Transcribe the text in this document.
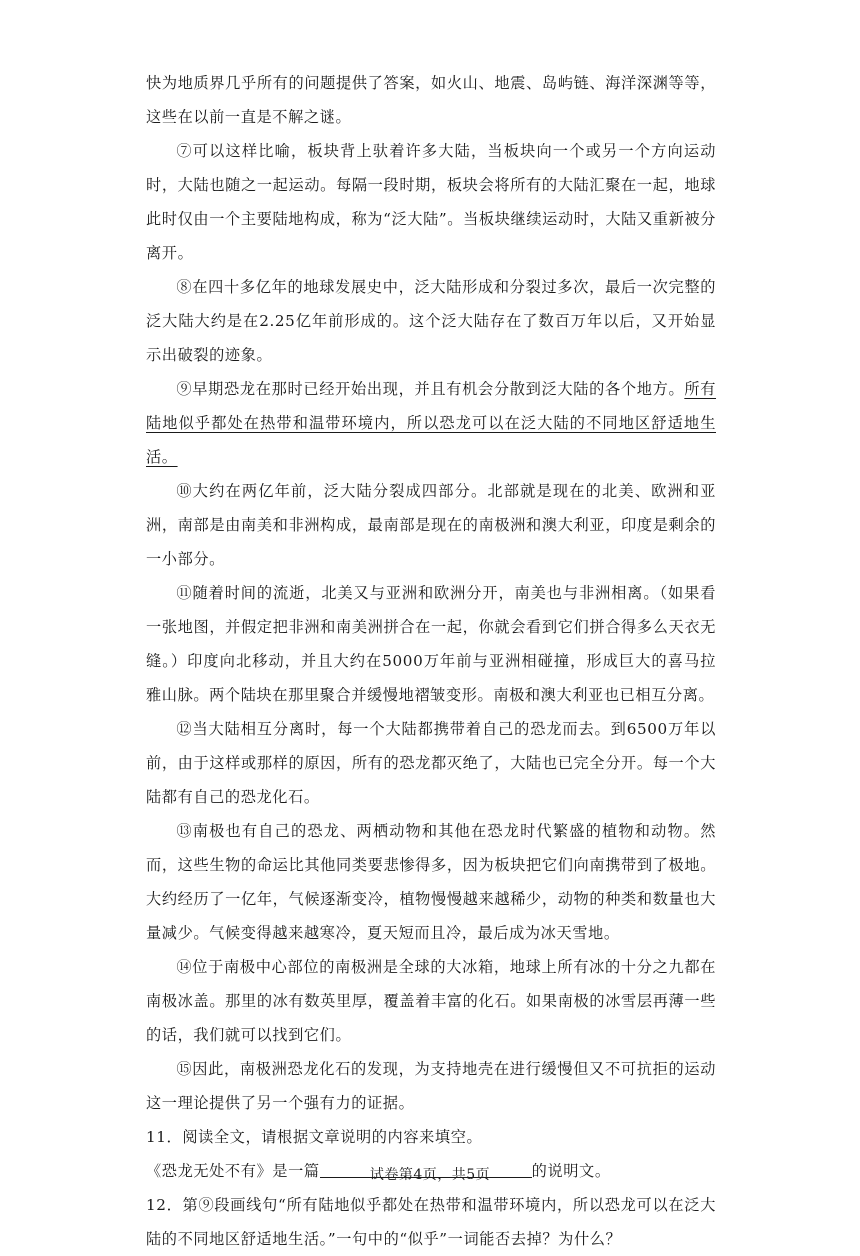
快为地质界几乎所有的问题提供了答案，如火山、地震、岛屿链、海洋深渊等等，这些在以前一直是不解之谜。

⑦可以这样比喻，板块背上驮着许多大陆，当板块向一个或另一个方向运动时，大陆也随之一起运动。每隔一段时期，板块会将所有的大陆汇聚在一起，地球此时仅由一个主要陆地构成，称为“泛大陆”。当板块继续运动时，大陆又重新被分离开。

⑧在四十多亿年的地球发展史中，泛大陆形成和分裂过多次，最后一次完整的泛大陆大约是在2.25亿年前形成的。这个泛大陆存在了数百万年以后，又开始显示出破裂的迹象。

⑨早期恐龙在那时已经开始出现，并且有机会分散到泛大陆的各个地方。所有陆地似乎都处在热带和温带环境内，所以恐龙可以在泛大陆的不同地区舒适地生活。

⑩大约在两亿年前，泛大陆分裂成四部分。北部就是现在的北美、欧洲和亚洲，南部是由南美和非洲构成，最南部是现在的南极洲和澳大利亚，印度是剩余的一小部分。

⑪随着时间的流逝，北美又与亚洲和欧洲分开，南美也与非洲相离。（如果看一张地图，并假定把非洲和南美洲拼合在一起，你就会看到它们拼合得多么天衣无缝。）印度向北移动，并且大约在5000万年前与亚洲相碰撞，形成巨大的喜马拉雅山脉。两个陆块在那里聚合并缓慢地褶皱变形。南极和澳大利亚也已相互分离。

⑫当大陆相互分离时，每一个大陆都携带着自己的恐龙而去。到6500万年以前，由于这样或那样的原因，所有的恐龙都灭绝了，大陆也已完全分开。每一个大陆都有自己的恐龙化石。

⑬南极也有自己的恐龙、两栖动物和其他在恐龙时代繁盛的植物和动物。然而，这些生物的命运比其他同类要悲惨得多，因为板块把它们向南携带到了极地。大约经历了一亿年，气候逐渐变冷，植物慢慢越来越稀少，动物的种类和数量也大量减少。气候变得越来越寒冷，夏天短而且冷，最后成为冰天雪地。

⑭位于南极中心部位的南极洲是全球的大冰箱，地球上所有冰的十分之九都在南极冰盖。那里的冰有数英里厚，覆盖着丰富的化石。如果南极的冰雪层再薄一些的话，我们就可以找到它们。

⑮因此，南极洲恐龙化石的发现，为支持地壳在进行缓慢但又不可抗拒的运动这一理论提供了另一个强有力的证据。

11．阅读全文，请根据文章说明的内容来填空。

《恐龙无处不有》是一篇	的说明文。

12．第⑨段画线句“所有陆地似乎都处在热带和温带环境内，所以恐龙可以在泛大陆的不同地区舒适地生活。”一句中的“似乎”一词能否去掉？为什么？

试卷第4页，共5页
